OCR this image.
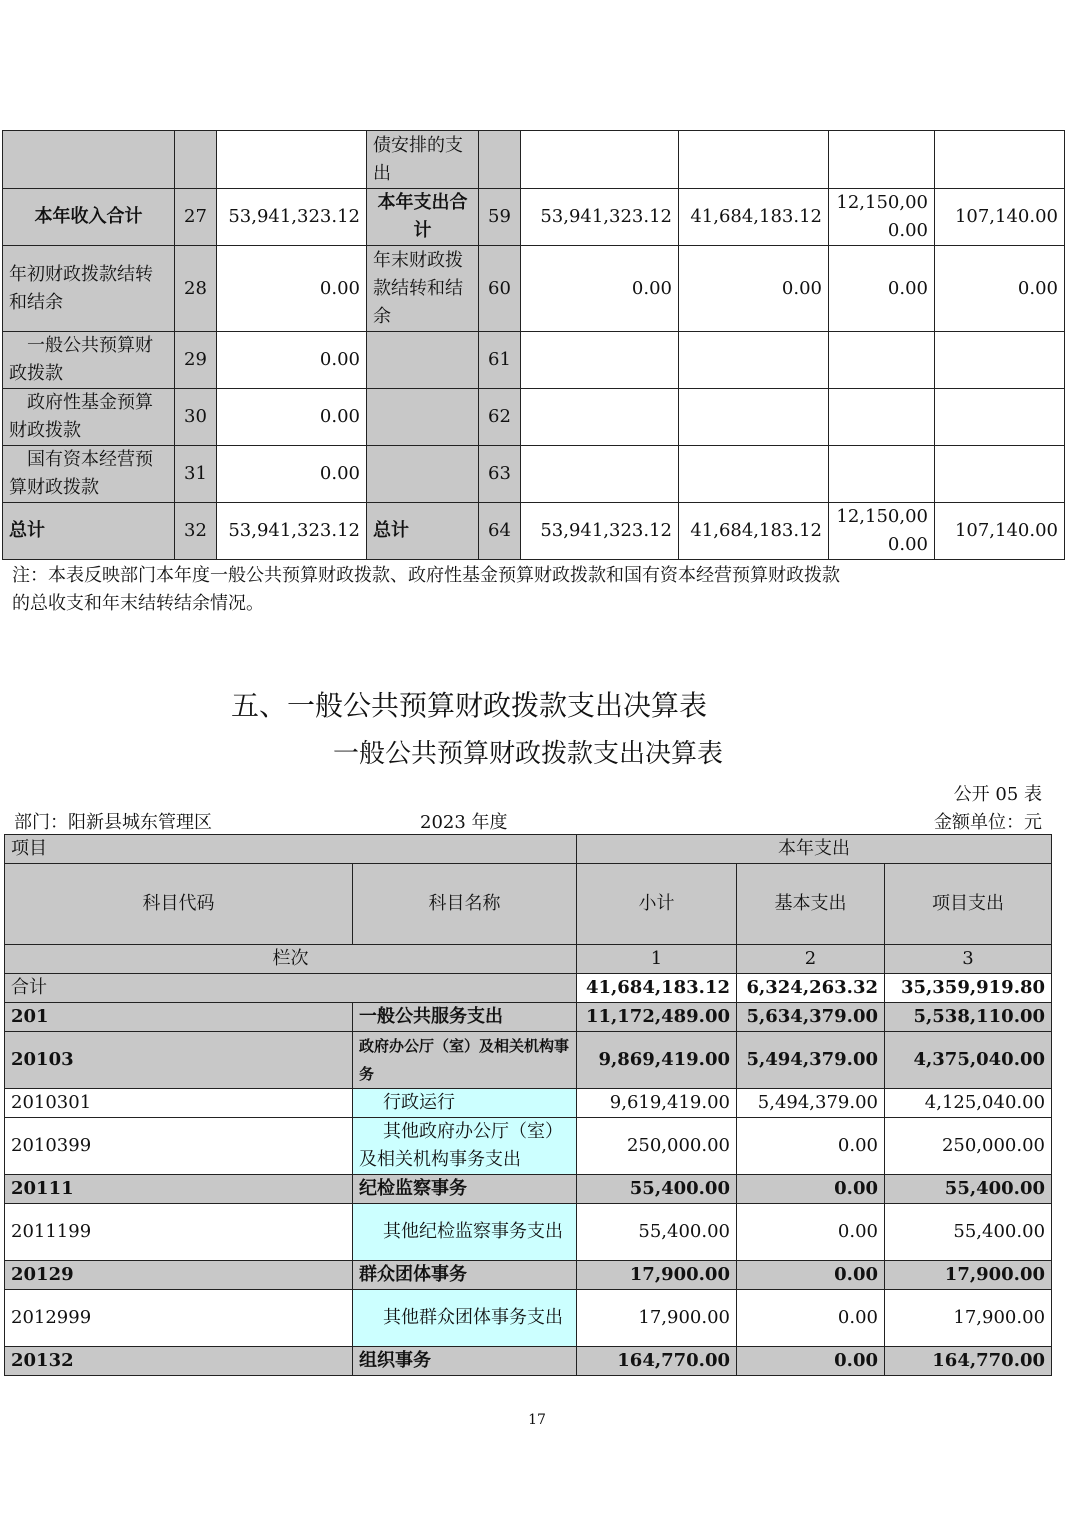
			债安排的支出					
本年收入合计	27	53,941,323.12	本年支出合计	59	53,941,323.12	41,684,183.12	12,150,000.00	107,140.00
年初财政拨款结转和结余	28	0.00	年末财政拨款结转和结余	60	0.00	0.00	0.00	0.00
一般公共预算财政拨款	29	0.00		61				
政府性基金预算财政拨款	30	0.00		62				
国有资本经营预算财政拨款	31	0.00		63				
总计	32	53,941,323.12	总计	64	53,941,323.12	41,684,183.12	12,150,000.00	107,140.00
注：本表反映部门本年度一般公共预算财政拨款、政府性基金预算财政拨款和国有资本经营预算财政拨款
的总收支和年末结转结余情况。
五、一般公共预算财政拨款支出决算表
一般公共预算财政拨款支出决算表
公开 05 表
部门：阳新县城东管理区	2023 年度	金额单位：元
项目		本年支出		
科目代码	科目名称	小计	基本支出	项目支出
栏次		1	2	3
合计		41,684,183.12	6,324,263.32	35,359,919.80
201	一般公共服务支出	11,172,489.00	5,634,379.00	5,538,110.00
20103	政府办公厅（室）及相关机构事务	9,869,419.00	5,494,379.00	4,375,040.00
2010301	行政运行	9,619,419.00	5,494,379.00	4,125,040.00
2010399	其他政府办公厅（室）及相关机构事务支出	250,000.00	0.00	250,000.00
20111	纪检监察事务	55,400.00	0.00	55,400.00
2011199	其他纪检监察事务支出	55,400.00	0.00	55,400.00
20129	群众团体事务	17,900.00	0.00	17,900.00
2012999	其他群众团体事务支出	17,900.00	0.00	17,900.00
20132	组织事务	164,770.00	0.00	164,770.00
17
